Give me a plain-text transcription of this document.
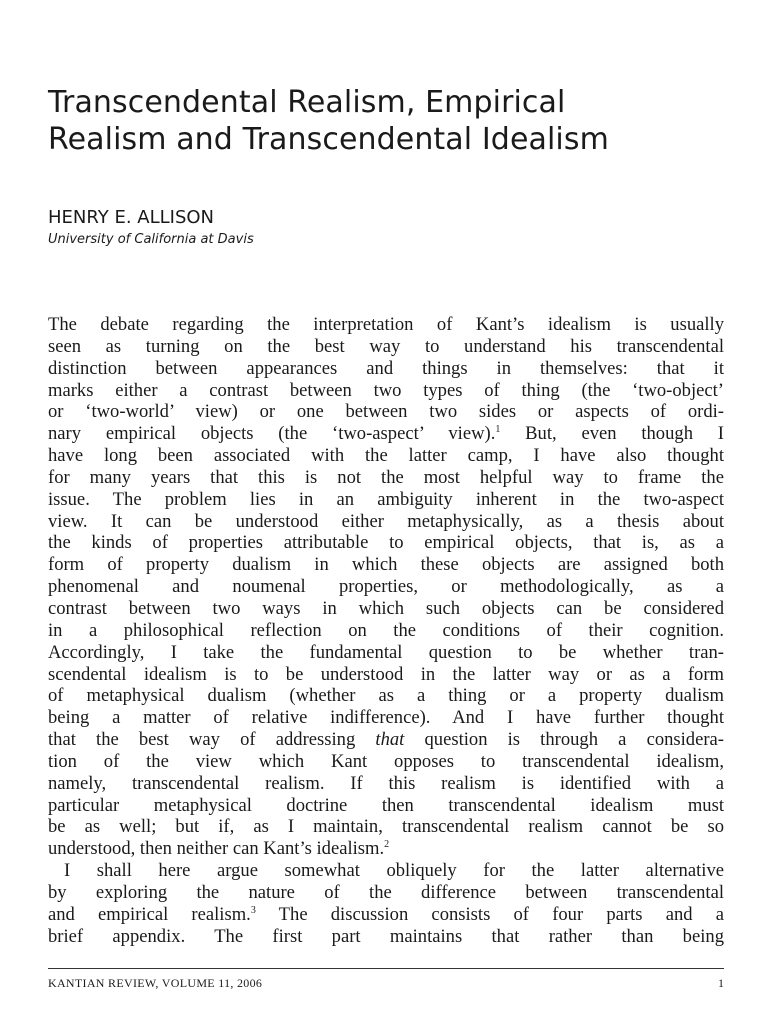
Transcendental Realism, Empirical
Realism and Transcendental Idealism
HENRY E. ALLISON
University of California at Davis
The debate regarding the interpretation of Kant’s idealism is usually
seen as turning on the best way to understand his transcendental
distinction between appearances and things in themselves: that it
marks either a contrast between two types of thing (the ‘two-object’
or ‘two-world’ view) or one between two sides or aspects of ordi-
nary empirical objects (the ‘two-aspect’ view).$^1$ But, even though I
have long been associated with the latter camp, I have also thought
for many years that this is not the most helpful way to frame the
issue. The problem lies in an ambiguity inherent in the two-aspect
view. It can be understood either metaphysically, as a thesis about
the kinds of properties attributable to empirical objects, that is, as a
form of property dualism in which these objects are assigned both
phenomenal and noumenal properties, or methodologically, as a
contrast between two ways in which such objects can be considered
in a philosophical reflection on the conditions of their cognition.
Accordingly, I take the fundamental question to be whether tran-
scendental idealism is to be understood in the latter way or as a form
of metaphysical dualism (whether as a thing or a property dualism
being a matter of relative indifference). And I have further thought
that the best way of addressing that question is through a considera-
tion of the view which Kant opposes to transcendental idealism,
namely, transcendental realism. If this realism is identified with a
particular metaphysical doctrine then transcendental idealism must
be as well; but if, as I maintain, transcendental realism cannot be so
understood, then neither can Kant’s idealism.$^2$
I shall here argue somewhat obliquely for the latter alternative
by exploring the nature of the difference between transcendental
and empirical realism.$^3$ The discussion consists of four parts and a
brief appendix. The first part maintains that rather than being
KANTIAN REVIEW, VOLUME 11, 2006	1
